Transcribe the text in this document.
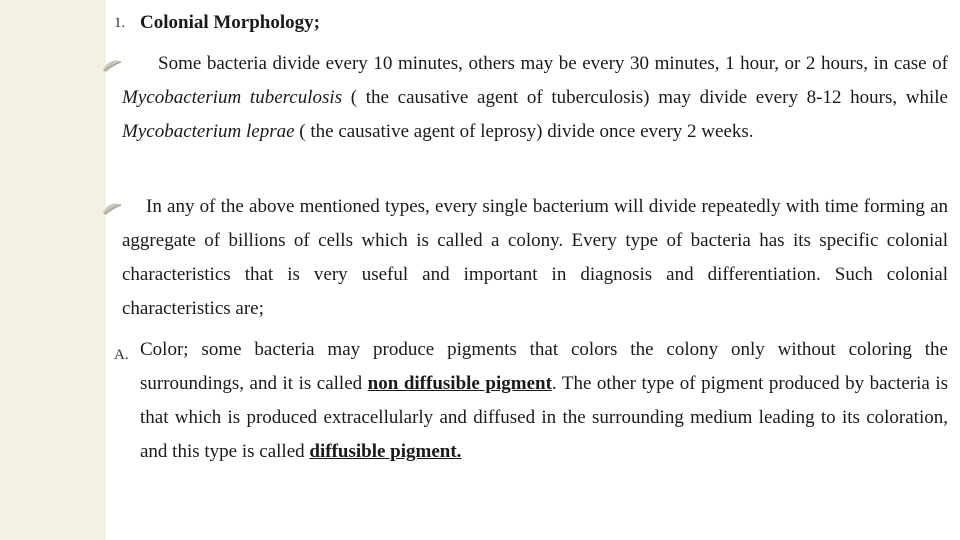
1. Colonial Morphology;
Some bacteria divide every 10 minutes, others may be every 30 minutes, 1 hour, or 2 hours, in case of Mycobacterium tuberculosis ( the causative agent of tuberculosis) may divide every 8-12 hours, while Mycobacterium leprae ( the causative agent of leprosy) divide once every 2 weeks.
In any of the above mentioned types, every single bacterium will divide repeatedly with time forming an aggregate of billions of cells which is called a colony. Every type of bacteria has its specific colonial characteristics that is very useful and important in diagnosis and differentiation. Such colonial characteristics are;
A. Color; some bacteria may produce pigments that colors the colony only without coloring the surroundings, and it is called non diffusible pigment. The other type of pigment produced by bacteria is that which is produced extracellularly and diffused in the surrounding medium leading to its coloration, and this type is called diffusible pigment.
